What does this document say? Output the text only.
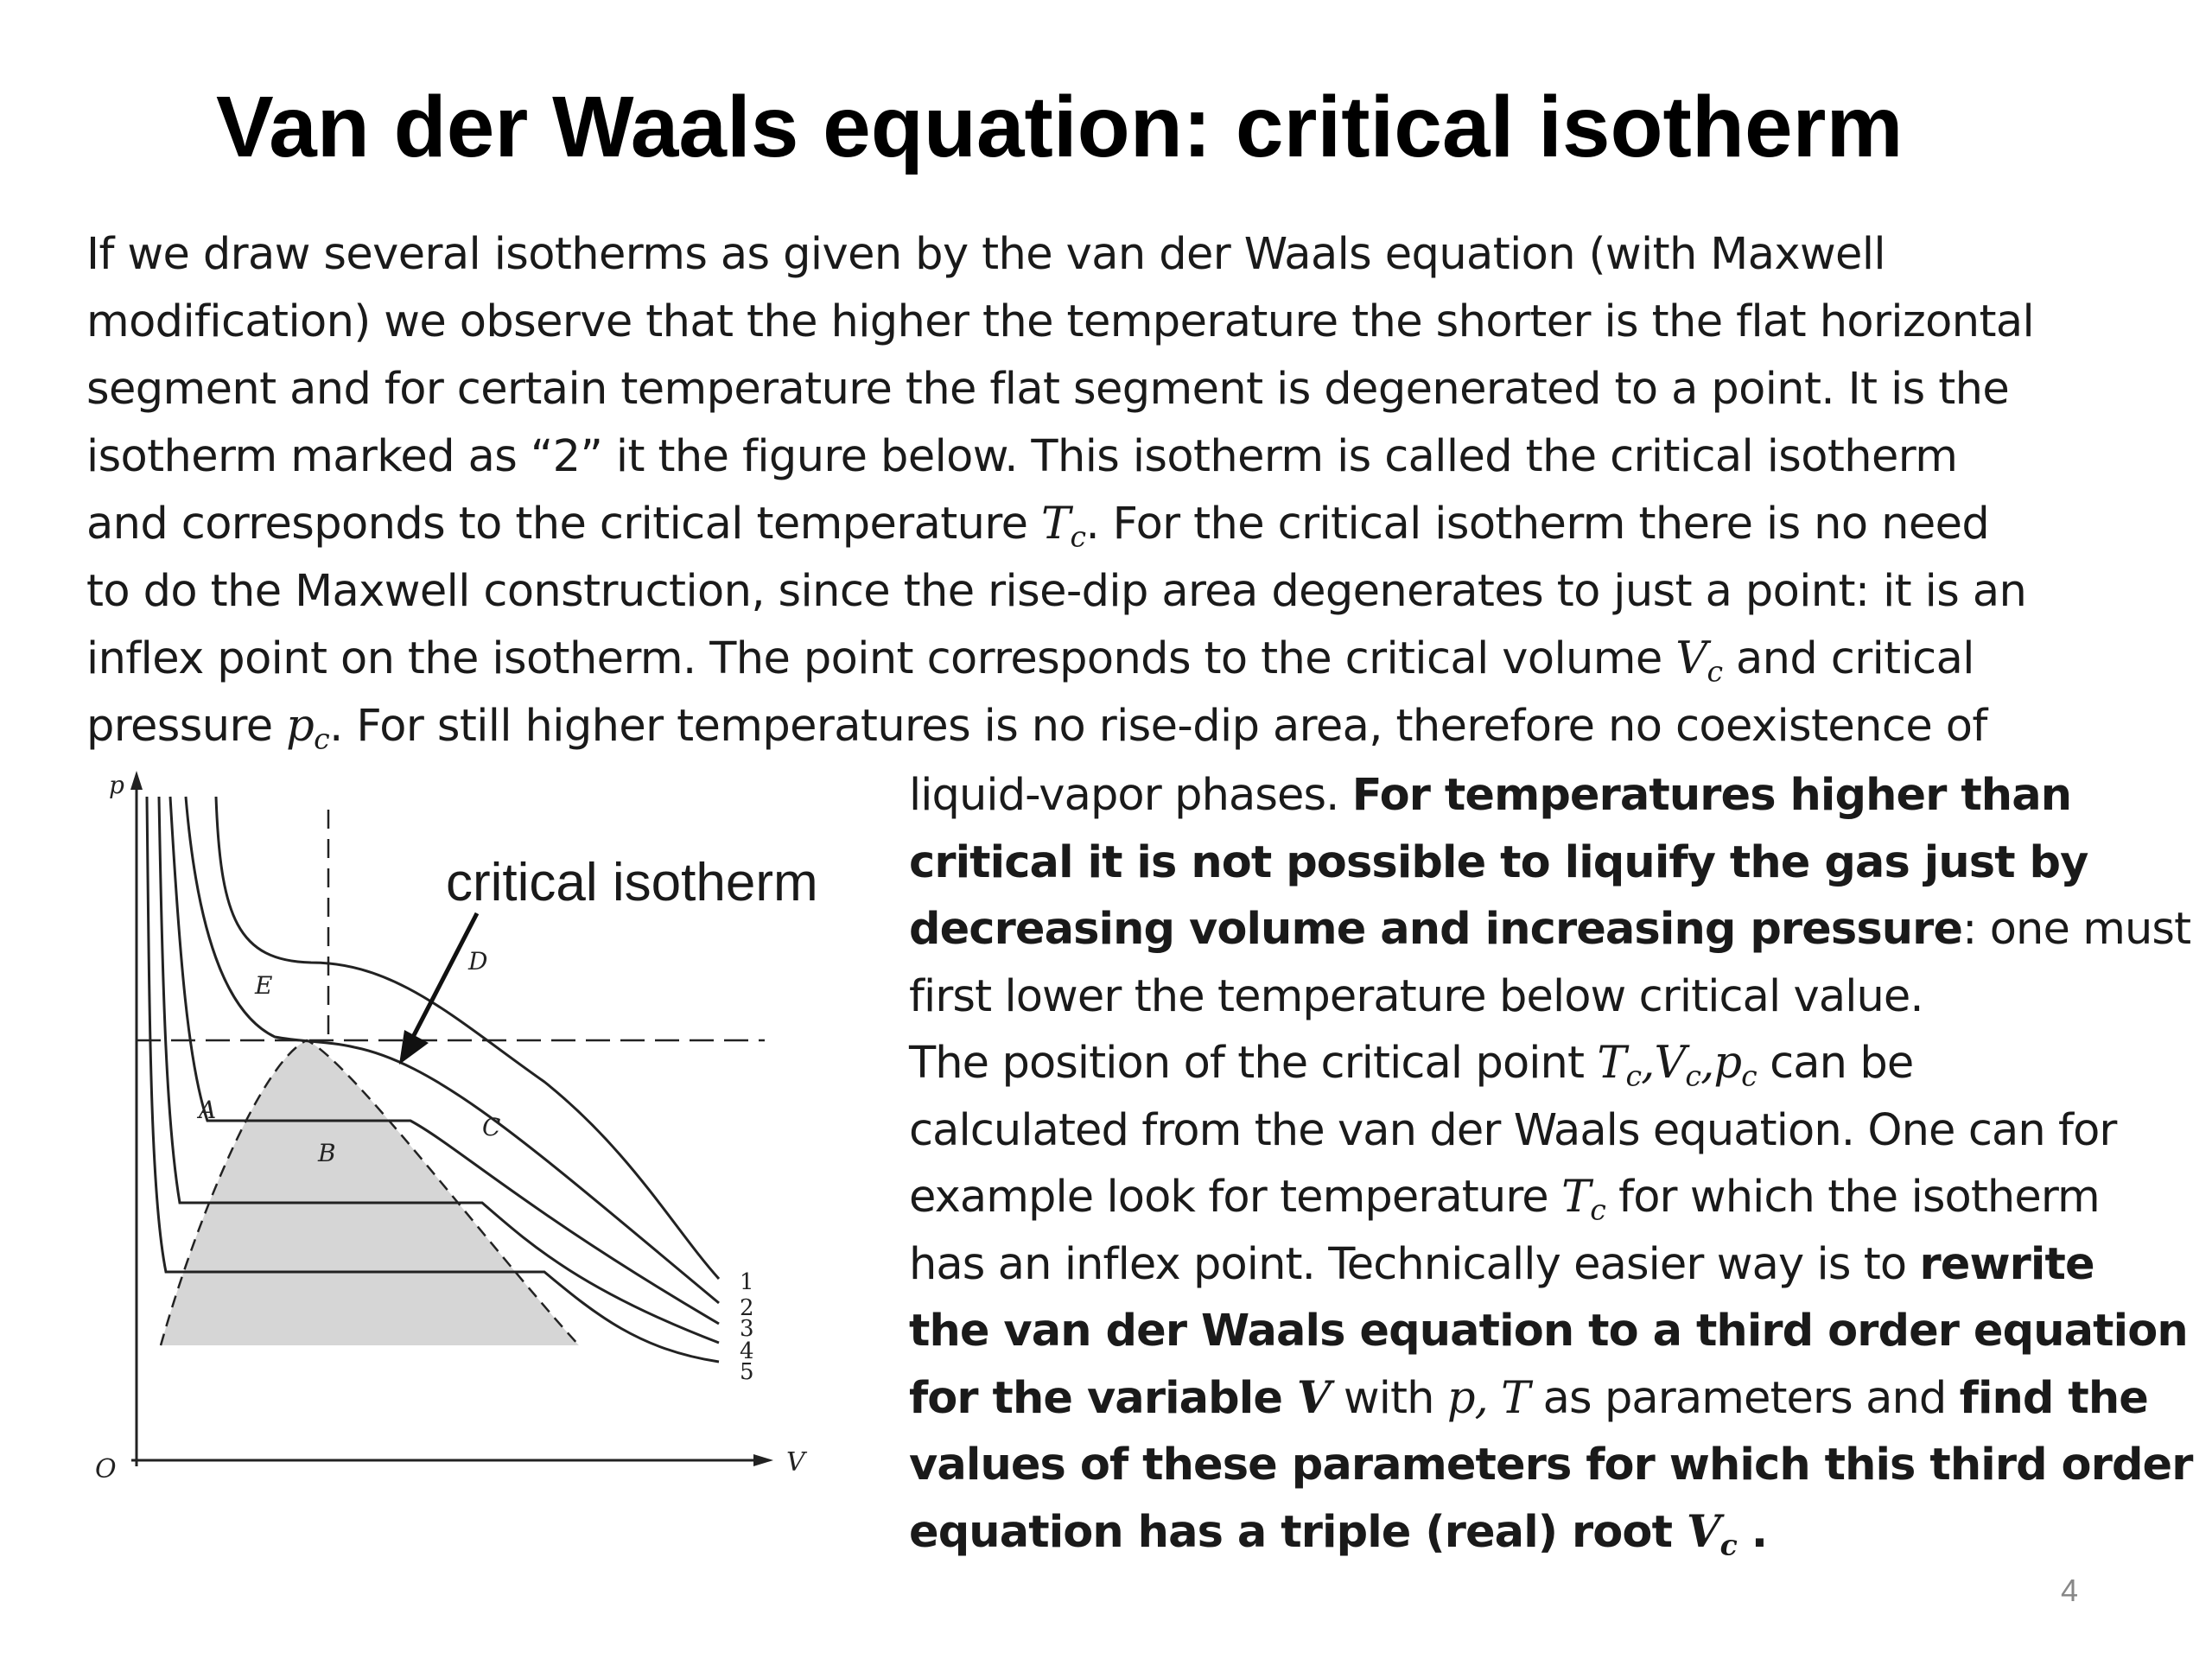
Van der Waals equation: critical isotherm
If we draw several isotherms as given by the van der Waals equation (with Maxwell
modification) we observe that the higher the temperature the shorter is the flat horizontal
segment and for certain temperature the flat segment is degenerated to a point. It is the
isotherm marked as “2” it the figure below. This isotherm is called the critical isotherm
and corresponds to the critical temperature $T_c$. For the critical isotherm there is no need
to do the Maxwell construction, since the rise-dip area degenerates to just a point: it is an
inflex point on the isotherm. The point corresponds to the critical volume $V_c$ and critical
pressure $p_c$. For still higher temperatures is no rise-dip area, therefore no coexistence of
p
V
O
A
B
C
D
E
1
2
3
4
5
critical isotherm
liquid-vapor phases. For temperatures higher than
critical it is not possible to liquify the gas just by
decreasing volume and increasing pressure: one must
first lower the temperature below critical value.
The position of the critical point $T_c,V_c,p_c$ can be
calculated from the van der Waals equation. One can for
example look for temperature $T_c$ for which the isotherm
has an inflex point. Technically easier way is to rewrite
the van der Waals equation to a third order equation
for the variable V with p, T as parameters and find the
values of these parameters for which this third order
equation has a triple (real) root $V_c$ .
4
